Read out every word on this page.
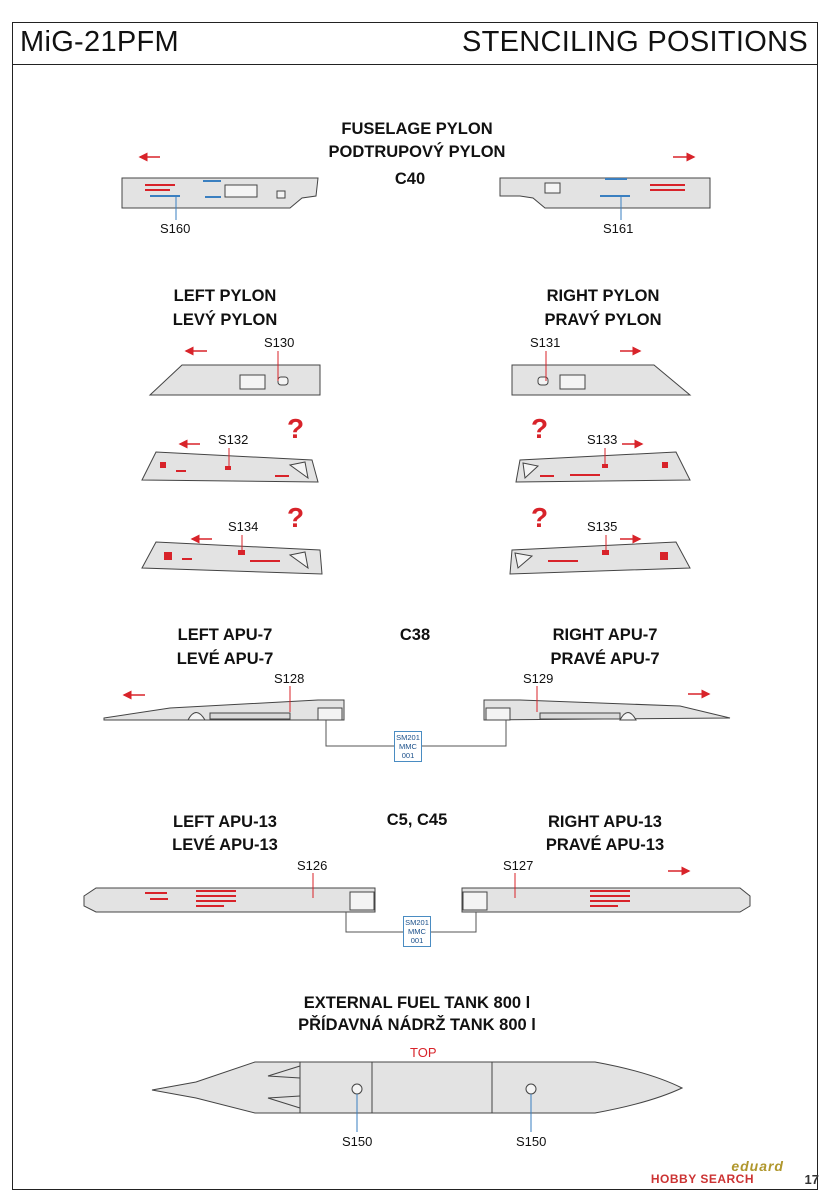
MiG-21PFM	STENCILING POSITIONS
FUSELAGE PYLON
PODTRUPOVÝ PYLON
C40
S160	S161
LEFT PYLON
LEVÝ PYLON
RIGHT PYLON
PRAVÝ PYLON
S130
S132
S134
S131
S133
S135
?
?
?
?
LEFT APU-7
LEVÉ APU-7
C38	RIGHT APU-7
PRAVÉ APU-7
S128	S129
LEFT APU-13
LEVÉ APU-13
C5, C45	RIGHT APU-13
PRAVÉ APU-13
S126	S127
EXTERNAL FUEL TANK 800 l
PŘÍDAVNÁ NÁDRŽ TANK 800 l
TOP
S150	S150
SM201
MMC
001
SM201
MMC
001
eduard
HOBBY SEARCH	17
